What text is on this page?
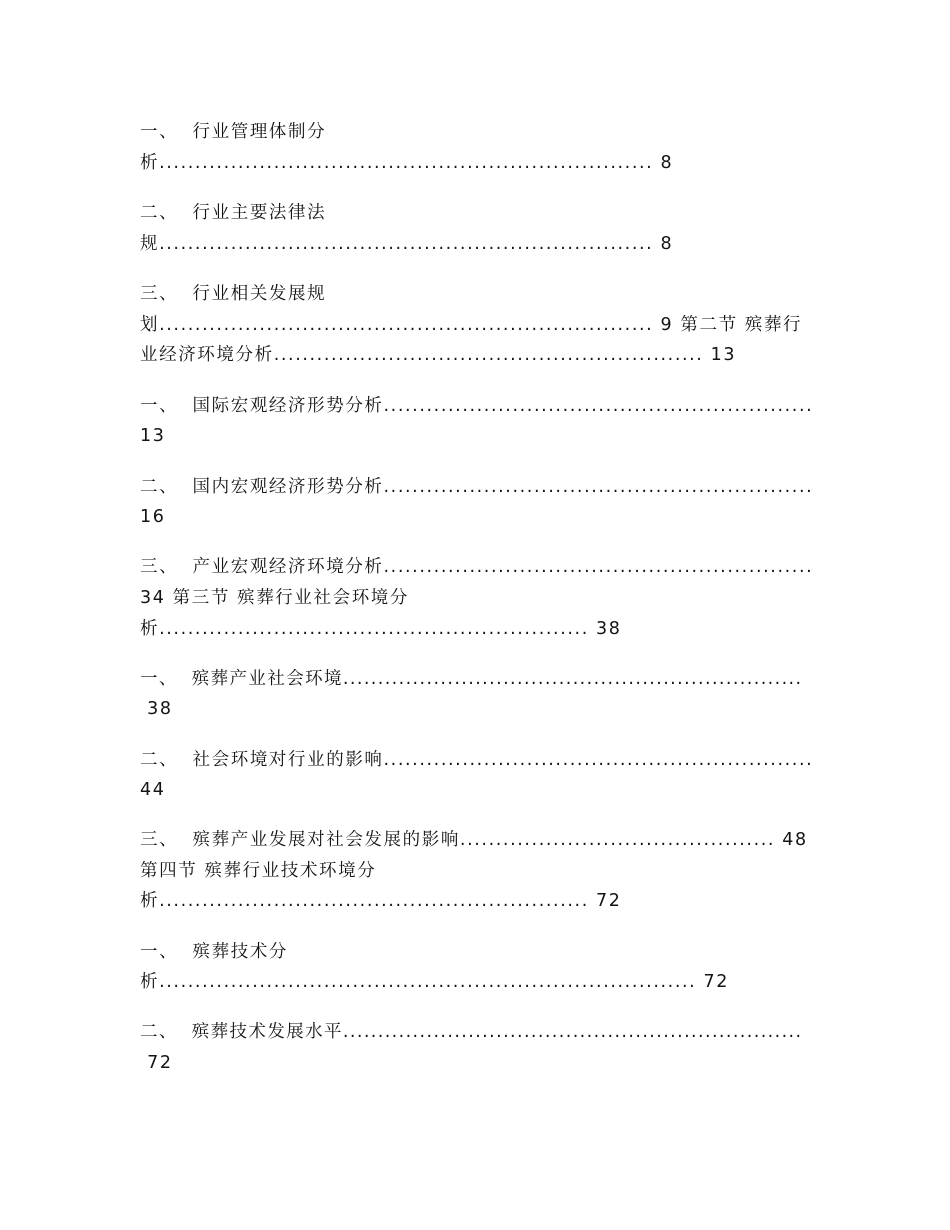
一、  行业管理体制分
析..................................................................... 8
二、  行业主要法律法
规..................................................................... 8
三、  行业相关发展规
划..................................................................... 9 第二节 殡葬行
业经济环境分析............................................................ 13
一、  国际宏观经济形势分析............................................................
13
二、  国内宏观经济形势分析............................................................
16
三、  产业宏观经济环境分析............................................................
34 第三节 殡葬行业社会环境分
析............................................................ 38
一、  殡葬产业社会环境..................................................................
38
二、  社会环境对行业的影响............................................................
44
三、  殡葬产业发展对社会发展的影响............................................ 48
第四节 殡葬行业技术环境分
析............................................................ 72
一、  殡葬技术分
析........................................................................... 72
二、  殡葬技术发展水平..................................................................
72
